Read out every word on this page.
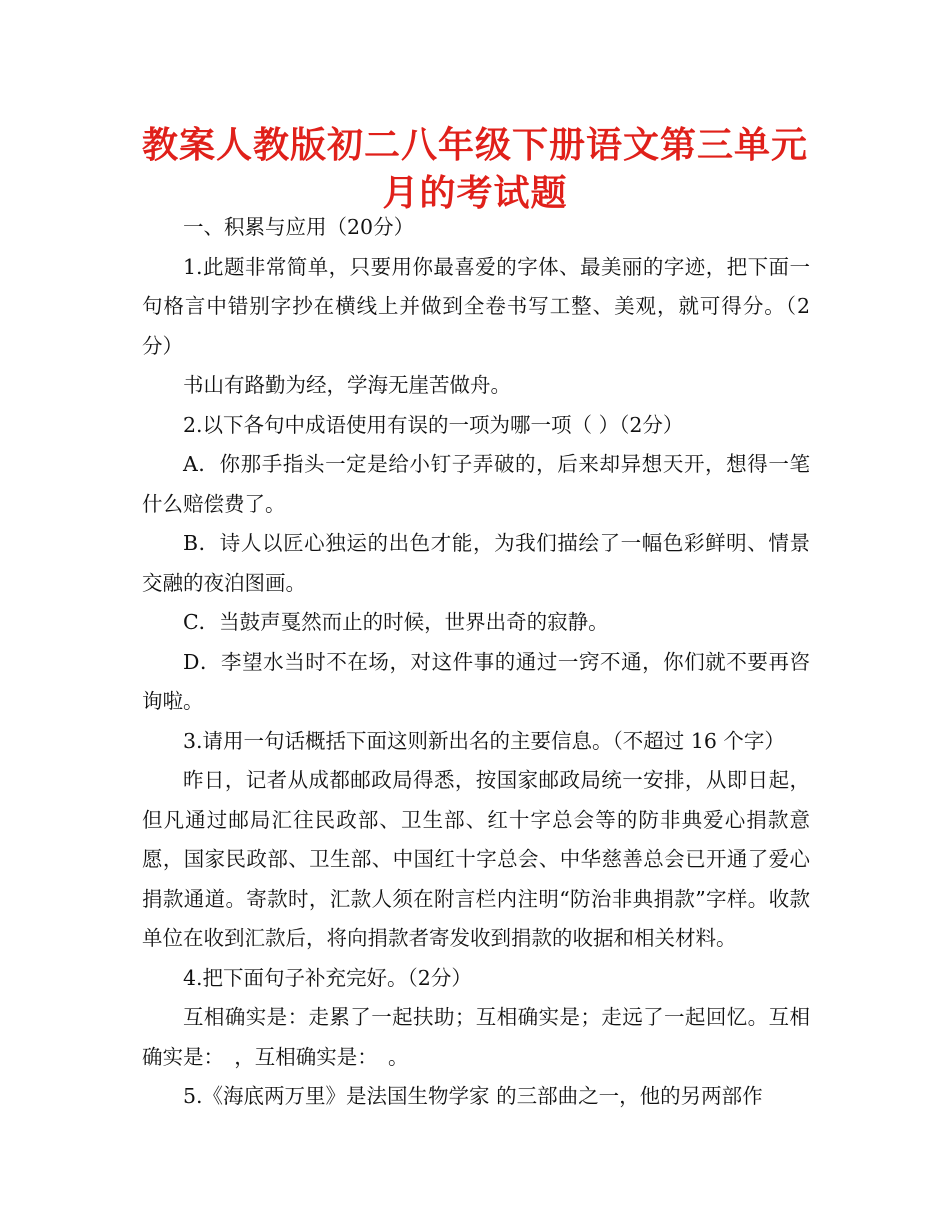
教案人教版初二八年级下册语文第三单元
月的考试题

一、积累与应用（20分）

1.此题非常简单，只要用你最喜爱的字体、最美丽的字迹，把下面一句格言中错别字抄在横线上并做到全卷书写工整、美观，就可得分。（2分）

书山有路勤为经，学海无崖苦做舟。

2.以下各句中成语使用有误的一项为哪一项（ ）（2分）

A．你那手指头一定是给小钉子弄破的，后来却异想天开，想得一笔什么赔偿费了。

B．诗人以匠心独运的出色才能，为我们描绘了一幅色彩鲜明、情景交融的夜泊图画。

C．当鼓声戛然而止的时候，世界出奇的寂静。

D．李望水当时不在场，对这件事的通过一窍不通，你们就不要再咨询啦。

3.请用一句话概括下面这则新出名的主要信息。（不超过 16 个字）

昨日，记者从成都邮政局得悉，按国家邮政局统一安排，从即日起，但凡通过邮局汇往民政部、卫生部、红十字总会等的防非典爱心捐款意愿，国家民政部、卫生部、中国红十字总会、中华慈善总会已开通了爱心捐款通道。寄款时，汇款人须在附言栏内注明“防治非典捐款”字样。收款单位在收到汇款后，将向捐款者寄发收到捐款的收据和相关材料。

4.把下面句子补充完好。（2分）

互相确实是：走累了一起扶助；互相确实是；走远了一起回忆。互相确实是：　，互相确实是：　。

5.《海底两万里》是法国生物学家 的三部曲之一，他的另两部作
